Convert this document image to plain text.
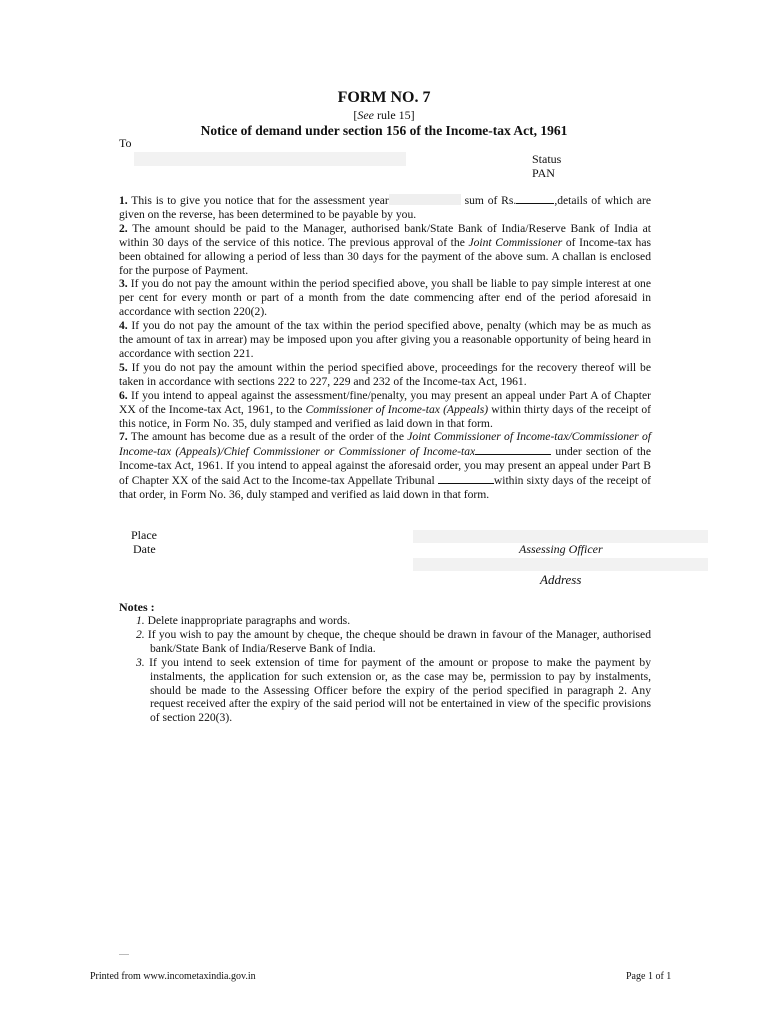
FORM NO. 7
[See rule 15]
Notice of demand under section 156 of the Income-tax Act, 1961
To
Status
PAN

1. This is to give you notice that for the assessment year	sum of Rs.	,details of which are given on the reverse, has been determined to be payable by you.

2. The amount should be paid to the Manager, authorised bank/State Bank of India/Reserve Bank of India at within 30 days of the service of this notice. The previous approval of the Joint Commissioner of Income-tax has been obtained for allowing a period of less than 30 days for the payment of the above sum. A challan is enclosed for the purpose of Payment.

3. If you do not pay the amount within the period specified above, you shall be liable to pay simple interest at one per cent for every month or part of a month from the date commencing after end of the period aforesaid in accordance with section 220(2).

4. If you do not pay the amount of the tax within the period specified above, penalty (which may be as much as the amount of tax in arrear) may be imposed upon you after giving you a reasonable opportunity of being heard in accordance with section 221.

5. If you do not pay the amount within the period specified above, proceedings for the recovery thereof will be taken in accordance with sections 222 to 227, 229 and 232 of the Income-tax Act, 1961.

6. If you intend to appeal against the assessment/fine/penalty, you may present an appeal under Part A of Chapter XX of the Income-tax Act, 1961, to the Commissioner of Income-tax (Appeals) within thirty days of the receipt of this notice, in Form No. 35, duly stamped and verified as laid down in that form.

7. The amount has become due as a result of the order of the Joint Commissioner of Income-tax/Commissioner of Income-tax (Appeals)/Chief Commissioner or Commissioner of Income-tax	under section of the Income-tax Act, 1961. If you intend to appeal against the aforesaid order, you may present an appeal under Part B of Chapter XX of the said Act to the Income-tax Appellate Tribunal	within sixty days of the receipt of that order, in Form No. 36, duly stamped and verified as laid down in that form.

Place
Date	Assessing Officer
Address
Notes :
1. Delete inappropriate paragraphs and words.
2. If you wish to pay the amount by cheque, the cheque should be drawn in favour of the Manager, authorised bank/State Bank of India/Reserve Bank of India.
3. If you intend to seek extension of time for payment of the amount or propose to make the payment by instalments, the application for such extension or, as the case may be, permission to pay by instalments, should be made to the Assessing Officer before the expiry of the period specified in paragraph 2. Any request received after the expiry of the said period will not be entertained in view of the specific provisions of section 220(3).
Printed from www.incometaxindia.gov.in	Page 1 of 1
